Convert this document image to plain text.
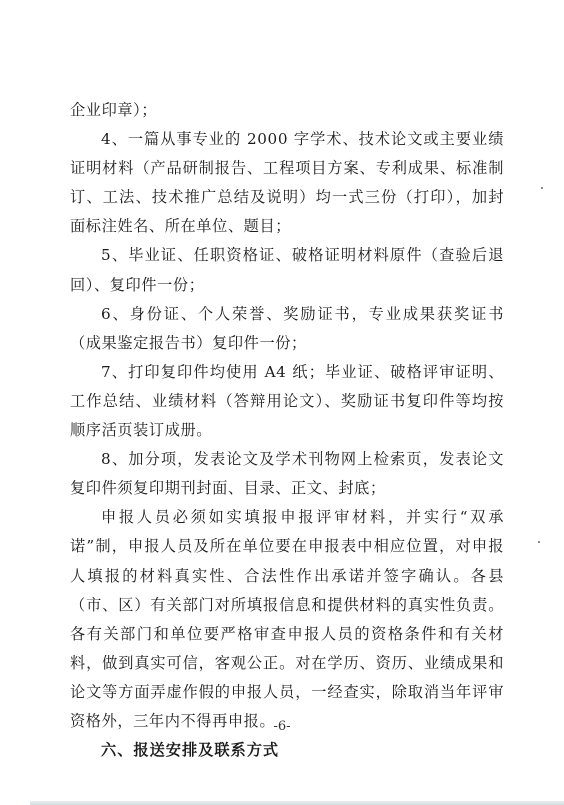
企业印章）；

4、一篇从事专业的 2000 字学术、技术论文或主要业绩证明材料（产品研制报告、工程项目方案、专利成果、标准制订、工法、技术推广总结及说明）均一式三份（打印），加封面标注姓名、所在单位、题目；

5、毕业证、任职资格证、破格证明材料原件（查验后退回）、复印件一份；

6、身份证、个人荣誉、奖励证书，专业成果获奖证书（成果鉴定报告书）复印件一份；

7、打印复印件均使用 A4 纸；毕业证、破格评审证明、工作总结、业绩材料（答辩用论文）、奖励证书复印件等均按顺序活页装订成册。

8、加分项，发表论文及学术刊物网上检索页，发表论文复印件须复印期刊封面、目录、正文、封底；

申报人员必须如实填报申报评审材料，并实行“双承诺”制，申报人员及所在单位要在申报表中相应位置，对申报人填报的材料真实性、合法性作出承诺并签字确认。各县（市、区）有关部门对所填报信息和提供材料的真实性负责。各有关部门和单位要严格审查申报人员的资格条件和有关材料，做到真实可信，客观公正。对在学历、资历、业绩成果和论文等方面弄虚作假的申报人员，一经查实，除取消当年评审资格外，三年内不得再申报。

六、报送安排及联系方式

-6-
